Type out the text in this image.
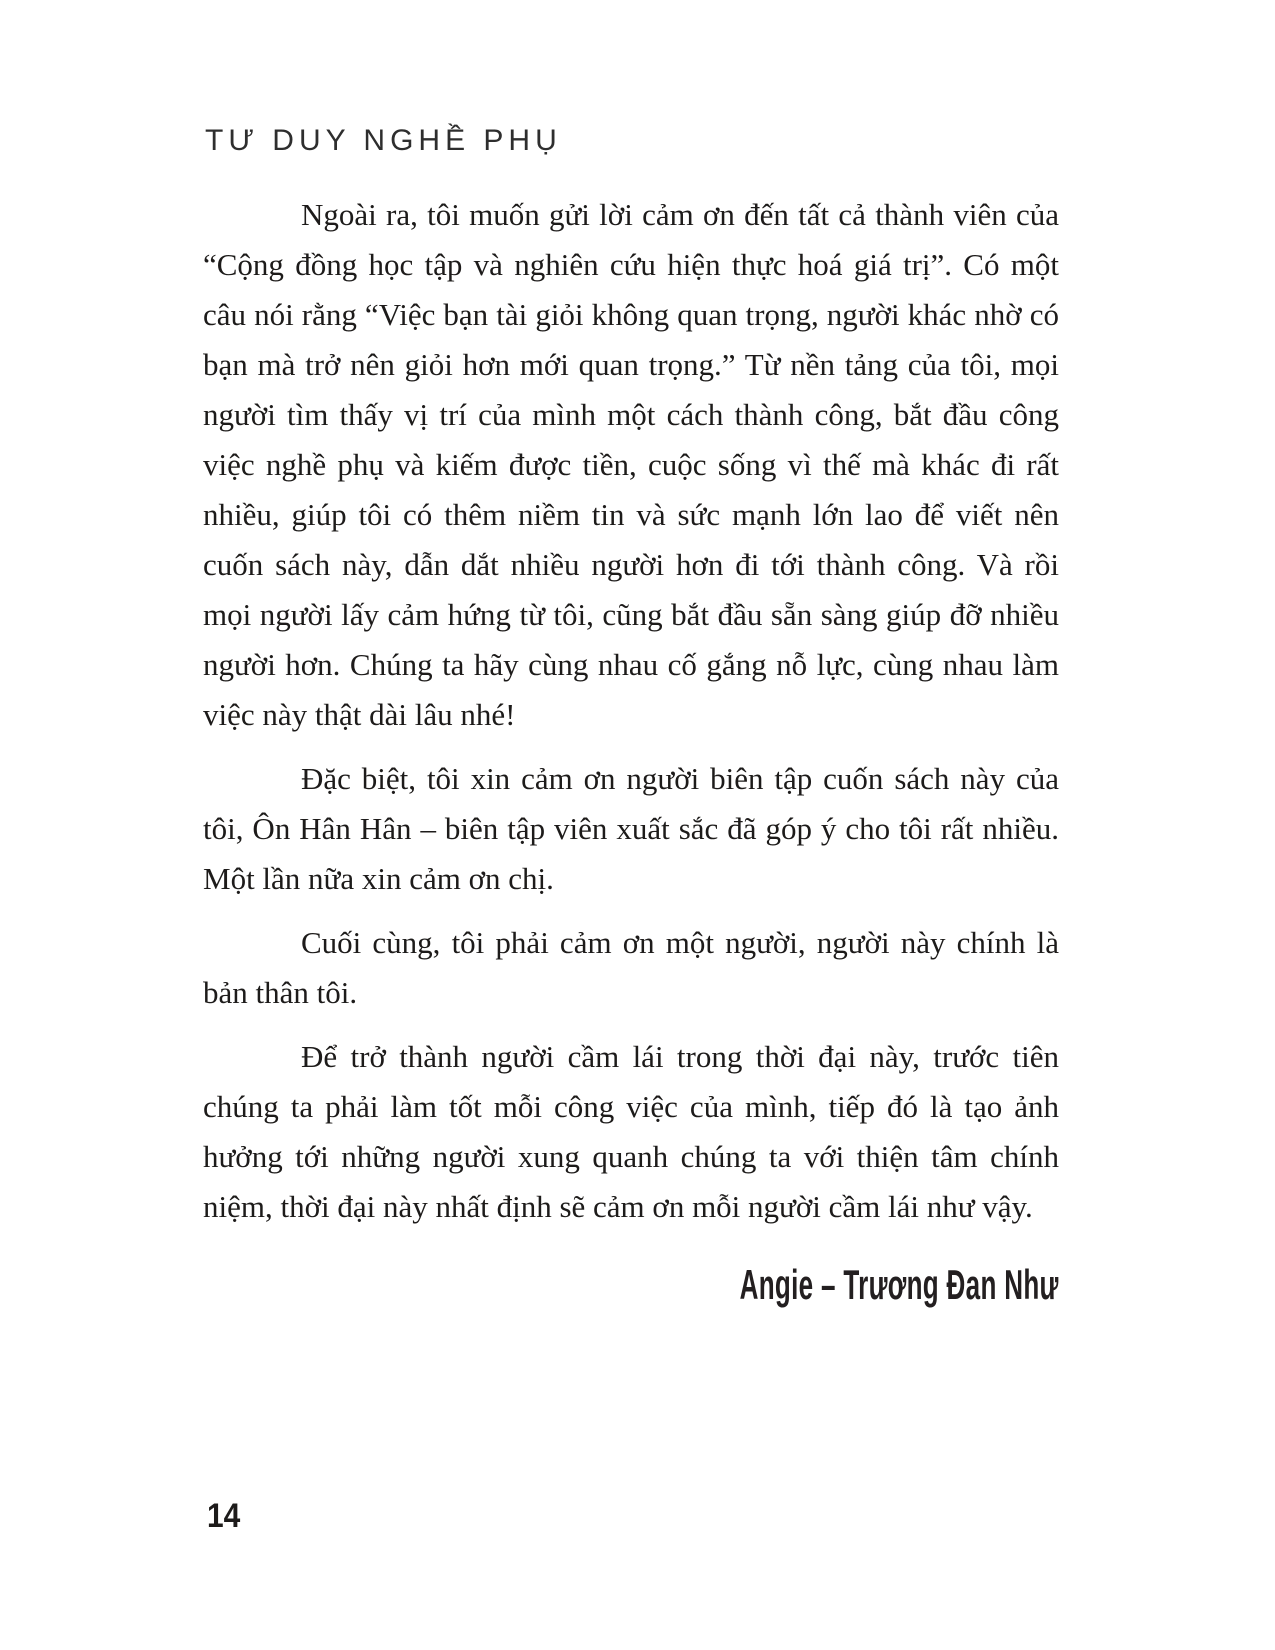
TƯ DUY NGHỀ PHỤ

Ngoài ra, tôi muốn gửi lời cảm ơn đến tất cả thành viên của “Cộng đồng học tập và nghiên cứu hiện thực hoá giá trị”. Có một câu nói rằng “Việc bạn tài giỏi không quan trọng, người khác nhờ có bạn mà trở nên giỏi hơn mới quan trọng.” Từ nền tảng của tôi, mọi người tìm thấy vị trí của mình một cách thành công, bắt đầu công việc nghề phụ và kiếm được tiền, cuộc sống vì thế mà khác đi rất nhiều, giúp tôi có thêm niềm tin và sức mạnh lớn lao để viết nên cuốn sách này, dẫn dắt nhiều người hơn đi tới thành công. Và rồi mọi người lấy cảm hứng từ tôi, cũng bắt đầu sẵn sàng giúp đỡ nhiều người hơn. Chúng ta hãy cùng nhau cố gắng nỗ lực, cùng nhau làm việc này thật dài lâu nhé!

Đặc biệt, tôi xin cảm ơn người biên tập cuốn sách này của tôi, Ôn Hân Hân – biên tập viên xuất sắc đã góp ý cho tôi rất nhiều. Một lần nữa xin cảm ơn chị.

Cuối cùng, tôi phải cảm ơn một người, người này chính là bản thân tôi.

Để trở thành người cầm lái trong thời đại này, trước tiên chúng ta phải làm tốt mỗi công việc của mình, tiếp đó là tạo ảnh hưởng tới những người xung quanh chúng ta với thiện tâm chính niệm, thời đại này nhất định sẽ cảm ơn mỗi người cầm lái như vậy.

Angie – Trương Đan Như
14
